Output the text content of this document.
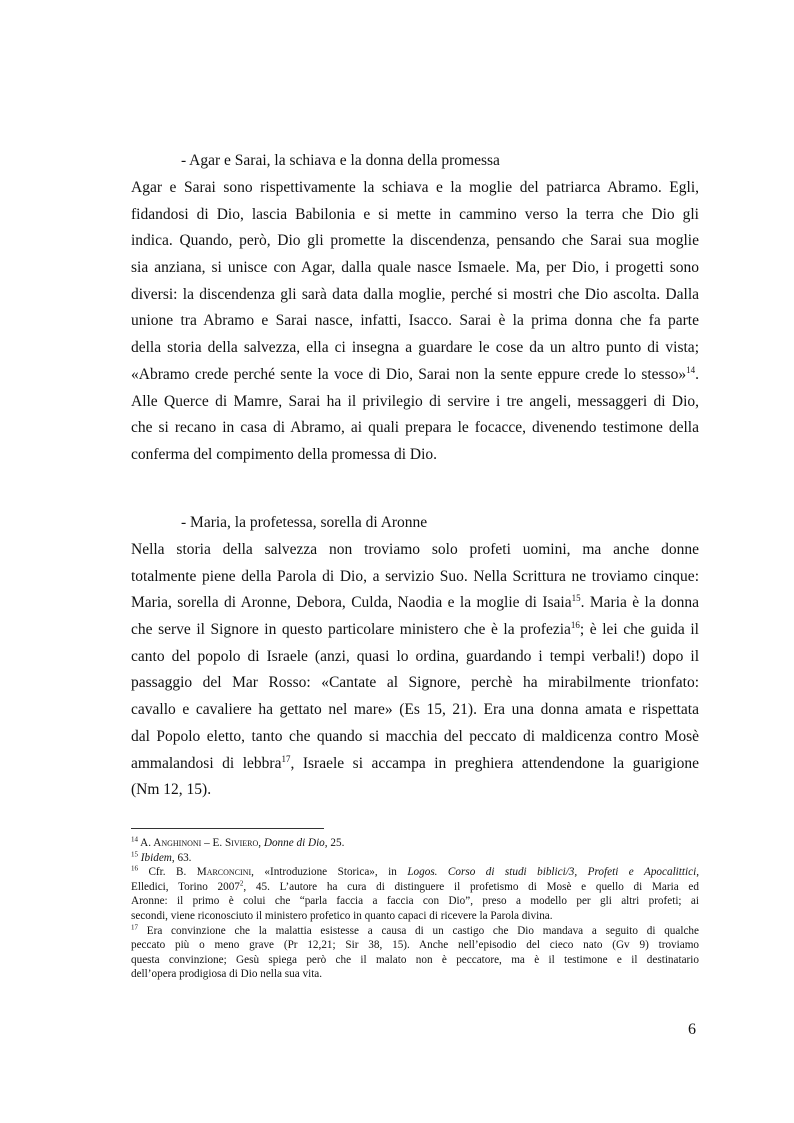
- Agar e Sarai, la schiava e la donna della promessa
Agar e Sarai sono rispettivamente la schiava e la moglie del patriarca Abramo. Egli,
fidandosi di Dio, lascia Babilonia e si mette in cammino verso la terra che Dio gli
indica. Quando, però, Dio gli promette la discendenza, pensando che Sarai sua moglie
sia anziana, si unisce con Agar, dalla quale nasce Ismaele. Ma, per Dio, i progetti sono
diversi: la discendenza gli sarà data dalla moglie, perché si mostri che Dio ascolta. Dalla
unione tra Abramo e Sarai nasce, infatti, Isacco. Sarai è la prima donna che fa parte
della storia della salvezza, ella ci insegna a guardare le cose da un altro punto di vista;
«Abramo crede perché sente la voce di Dio, Sarai non la sente eppure crede lo stesso»$^{14}$.
Alle Querce di Mamre, Sarai ha il privilegio di servire i tre angeli, messaggeri di Dio,
che si recano in casa di Abramo, ai quali prepara le focacce, divenendo testimone della
conferma del compimento della promessa di Dio.
- Maria, la profetessa, sorella di Aronne
Nella storia della salvezza non troviamo solo profeti uomini, ma anche donne
totalmente piene della Parola di Dio, a servizio Suo. Nella Scrittura ne troviamo cinque:
Maria, sorella di Aronne, Debora, Culda, Naodia e la moglie di Isaia$^{15}$. Maria è la donna
che serve il Signore in questo particolare ministero che è la profezia$^{16}$; è lei che guida il
canto del popolo di Israele (anzi, quasi lo ordina, guardando i tempi verbali!) dopo il
passaggio del Mar Rosso: «Cantate al Signore, perchè ha mirabilmente trionfato:
cavallo e cavaliere ha gettato nel mare» (Es 15, 21). Era una donna amata e rispettata
dal Popolo eletto, tanto che quando si macchia del peccato di maldicenza contro Mosè
ammalandosi di lebbra$^{17}$, Israele si accampa in preghiera attendendone la guarigione
(Nm 12, 15).
$^{14}$ A. Anghinoni – E. Siviero, Donne di Dio, 25.
$^{15}$ Ibidem, 63.
$^{16}$ Cfr. B. Marconcini, «Introduzione Storica», in Logos. Corso di studi biblici/3, Profeti e Apocalittici,
Elledici, Torino 2007$^2$, 45. L’autore ha cura di distinguere il profetismo di Mosè e quello di Maria ed
Aronne: il primo è colui che “parla faccia a faccia con Dio”, preso a modello per gli altri profeti; ai
secondi, viene riconosciuto il ministero profetico in quanto capaci di ricevere la Parola divina.
$^{17}$ Era convinzione che la malattia esistesse a causa di un castigo che Dio mandava a seguito di qualche
peccato più o meno grave (Pr 12,21; Sir 38, 15). Anche nell’episodio del cieco nato (Gv 9) troviamo
questa convinzione; Gesù spiega però che il malato non è peccatore, ma è il testimone e il destinatario
dell’opera prodigiosa di Dio nella sua vita.
6
